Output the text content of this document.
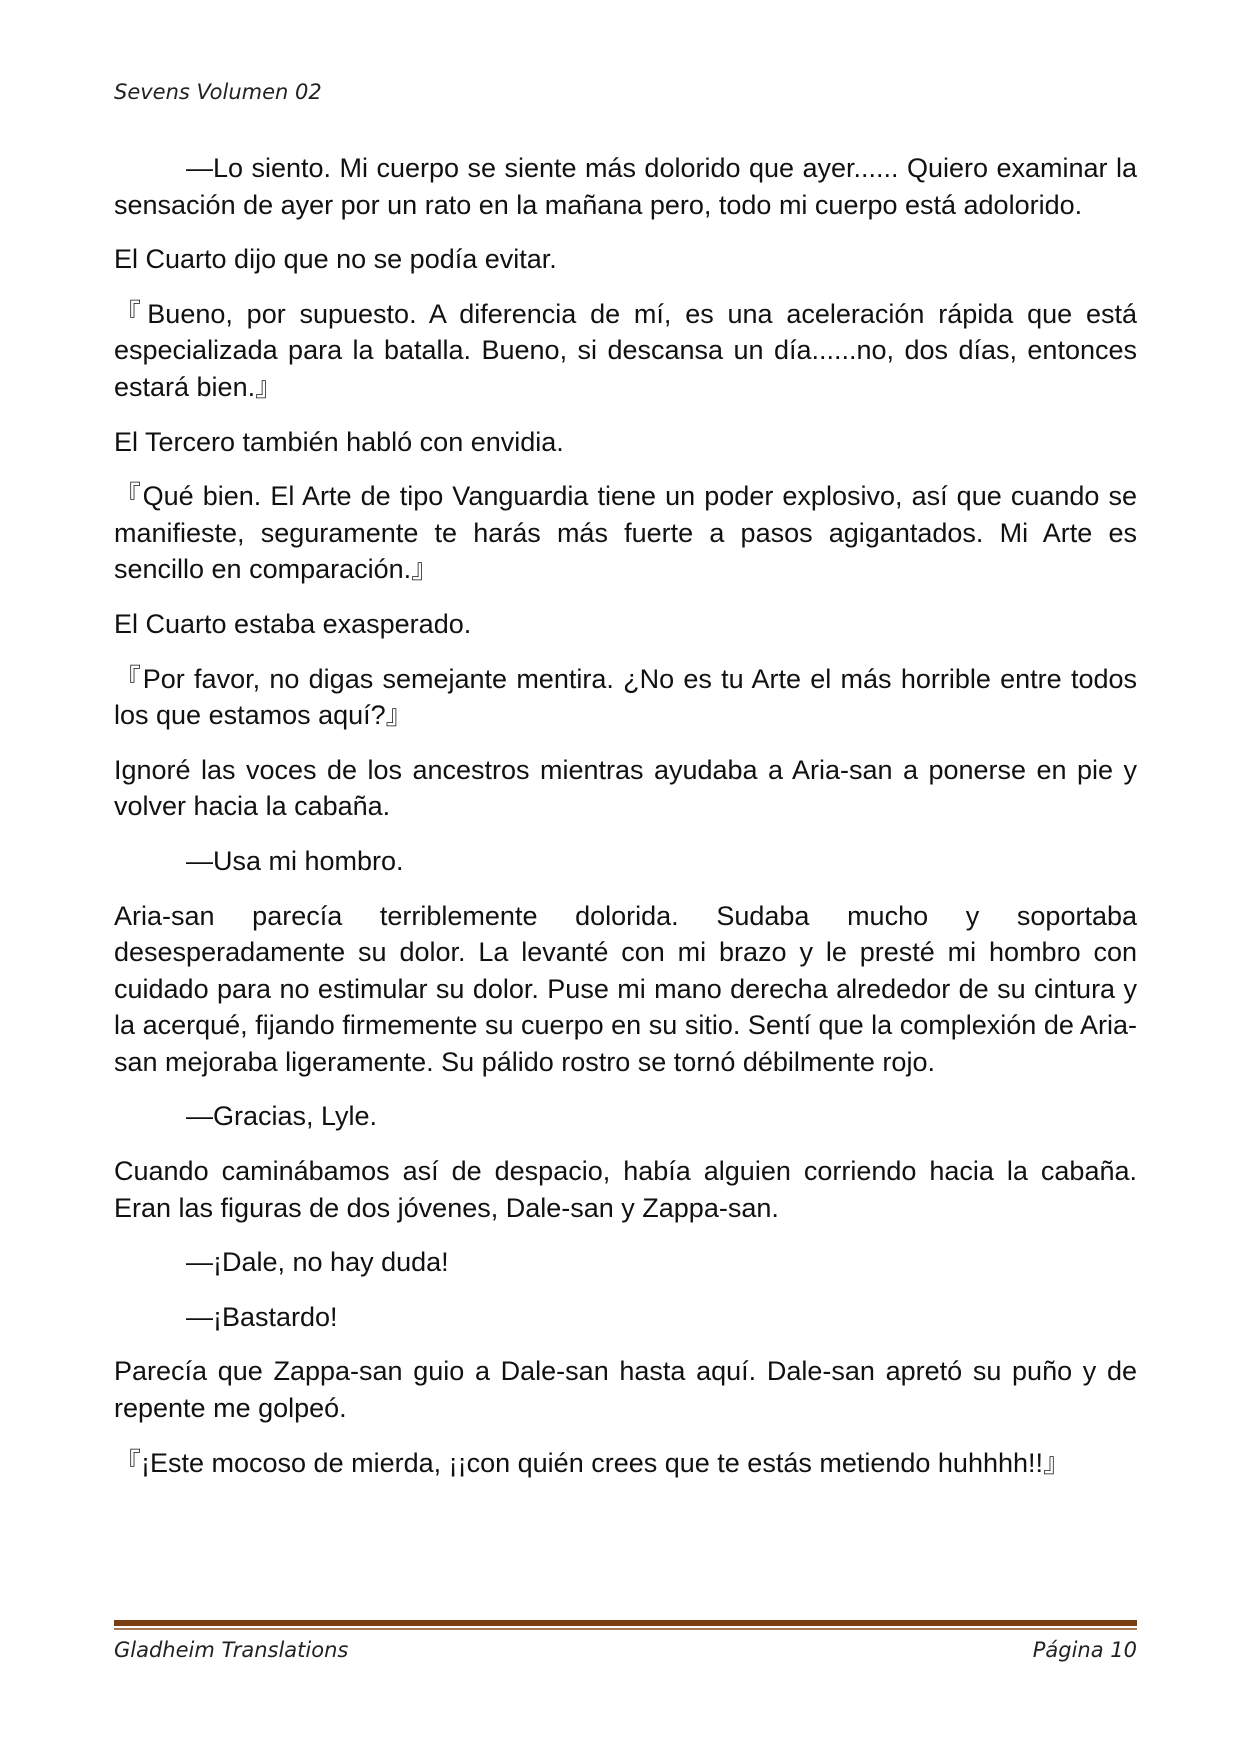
Sevens Volumen 02

—Lo siento. Mi cuerpo se siente más dolorido que ayer...... Quiero examinar la sensación de ayer por un rato en la mañana pero, todo mi cuerpo está adolorido.

El Cuarto dijo que no se podía evitar.

『Bueno, por supuesto. A diferencia de mí, es una aceleración rápida que está especializada para la batalla. Bueno, si descansa un día......no, dos días, entonces estará bien.』

El Tercero también habló con envidia.

『Qué bien. El Arte de tipo Vanguardia tiene un poder explosivo, así que cuando se manifieste, seguramente te harás más fuerte a pasos agigantados. Mi Arte es sencillo en comparación.』

El Cuarto estaba exasperado.

『Por favor, no digas semejante mentira. ¿No es tu Arte el más horrible entre todos los que estamos aquí?』

Ignoré las voces de los ancestros mientras ayudaba a Aria-san a ponerse en pie y volver hacia la cabaña.

—Usa mi hombro.

Aria-san parecía terriblemente dolorida. Sudaba mucho y soportaba desesperadamente su dolor. La levanté con mi brazo y le presté mi hombro con cuidado para no estimular su dolor. Puse mi mano derecha alrededor de su cintura y la acerqué, fijando firmemente su cuerpo en su sitio. Sentí que la complexión de Aria-san mejoraba ligeramente. Su pálido rostro se tornó débilmente rojo.

—Gracias, Lyle.

Cuando caminábamos así de despacio, había alguien corriendo hacia la cabaña. Eran las figuras de dos jóvenes, Dale-san y Zappa-san.

—¡Dale, no hay duda!

—¡Bastardo!

Parecía que Zappa-san guio a Dale-san hasta aquí. Dale-san apretó su puño y de repente me golpeó.

『¡Este mocoso de mierda, ¡¡con quién crees que te estás metiendo huhhhh!!』

Gladheim Translations	Página 10
